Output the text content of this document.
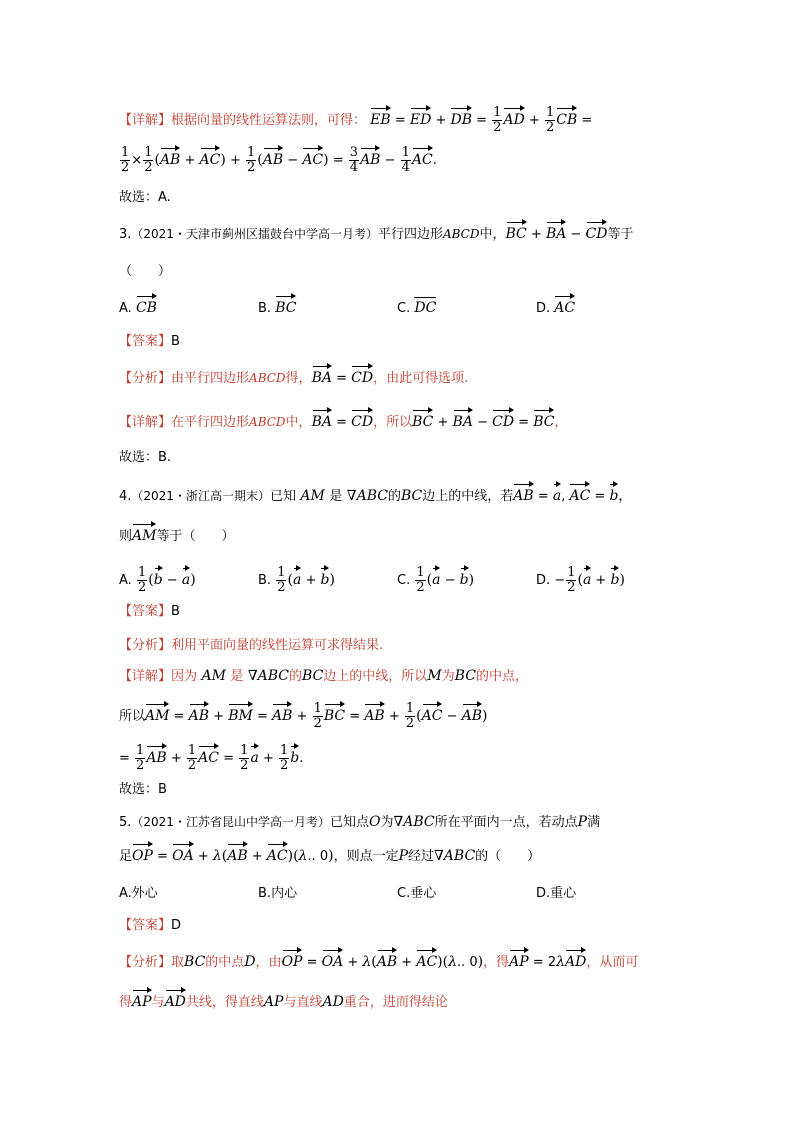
【详解】根据向量的线性运算法则，可得： EB = ED + DB = $\frac{1}{2}$ AD + $\frac{1}{2}$ CB =
$\frac{1}{2} \times \frac{1}{2} (AB + AC) + \frac{1}{2} (AB - AC) = \frac{3}{4}$ AB − $\frac{1}{4}$ AC.
故选：A.
3.（2021・天津市蓟州区擂鼓台中学高一月考）平行四边形ABCD中，BC + BA − CD等于
（　　）
A. CB	B. BC	C. DC	D. AC
【答案】B
【分析】由平行四边形ABCD得，BA = CD，由此可得选项.
【详解】在平行四边形ABCD中，BA = CD，所以BC + BA − CD = BC，
故选：B.
4.（2021・浙江高一期末）已知 AM 是 ∇ABC的BC边上的中线，若AB = a, AC = b，
则AM等于（　　）
A. $\frac{1}{2} (b - a)$	B. $\frac{1}{2} (a + b)$	C. $\frac{1}{2} (a - b)$	D. − $\frac{1}{2} (a + b)$
【答案】B
【分析】利用平面向量的线性运算可求得结果.
【详解】因为 AM 是 ∇ABC的BC边上的中线，所以M为BC的中点，
所以AM = AB + BM = AB + $\frac{1}{2}$ BC = AB + $\frac{1}{2} (AC - AB)$
= $\frac{1}{2}$ AB + $\frac{1}{2}$ AC = $\frac{1}{2}$ $a + \frac{1}{2} b$.
故选：B
5.（2021・江苏省昆山中学高一月考）已知点O为∇ABC所在平面内一点，若动点P满
足OP = OA + λ(AB + AC)(λ.. 0)，则点一定P经过∇ABC的（　　）
A.外心	B.内心	C.垂心	D.重心
【答案】D
【分析】取BC的中点D，由OP = OA + λ(AB + AC)(λ.. 0)，得AP = 2λAD，从而可
得AP与AD共线，得直线AP与直线AD重合，进而得结论
